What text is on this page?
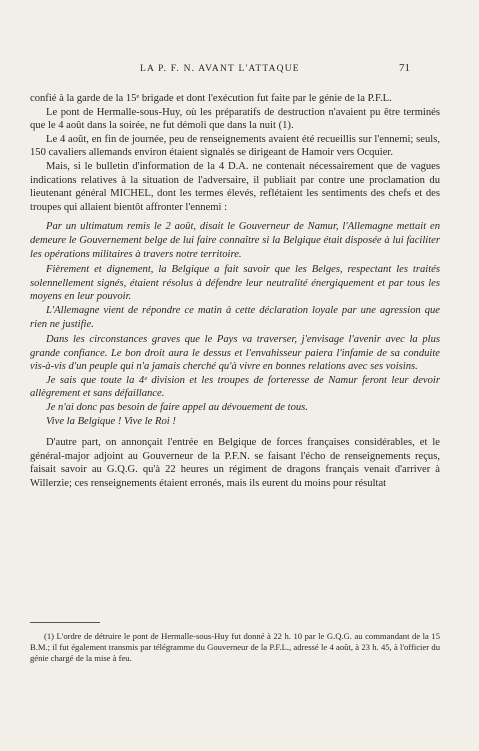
LA P. F. N. AVANT L'ATTAQUE	71

confié à la garde de la 15ᵉ brigade et dont l'exécution fut faite par le génie de la P.F.L.

Le pont de Hermalle-sous-Huy, où les préparatifs de destruction n'avaient pu être terminés que le 4 août dans la soirée, ne fut démoli que dans la nuit (1).

Le 4 août, en fin de journée, peu de renseignements avaient été recueillis sur l'ennemi; seuls, 150 cavaliers allemands environ étaient signalés se dirigeant de Hamoir vers Ocquier.

Mais, si le bulletin d'information de la 4 D.A. ne contenait nécessairement que de vagues indications relatives à la situation de l'adversaire, il publiait par contre une proclamation du lieutenant général MICHEL, dont les termes élevés, reflétaient les sentiments des chefs et des troupes qui allaient bientôt affronter l'ennemi :

Par un ultimatum remis le 2 août, disait le Gouverneur de Namur, l'Allemagne mettait en demeure le Gouvernement belge de lui faire connaître si la Belgique était disposée à lui faciliter les opérations militaires à travers notre territoire.

Fièrement et dignement, la Belgique a fait savoir que les Belges, respectant les traités solennellement signés, étaient résolus à défendre leur neutralité énergiquement et par tous les moyens en leur pouvoir.

L'Allemagne vient de répondre ce matin à cette déclaration loyale par une agression que rien ne justifie.

Dans les circonstances graves que le Pays va traverser, j'envisage l'avenir avec la plus grande confiance. Le bon droit aura le dessus et l'envahisseur paiera l'infamie de sa conduite vis-à-vis d'un peuple qui n'a jamais cherché qu'à vivre en bonnes relations avec ses voisins.

Je sais que toute la 4ᵉ division et les troupes de forteresse de Namur feront leur devoir allègrement et sans défaillance.

Je n'ai donc pas besoin de faire appel au dévouement de tous.

Vive la Belgique ! Vive le Roi !

D'autre part, on annonçait l'entrée en Belgique de forces françaises considérables, et le général-major adjoint au Gouverneur de la P.F.N. se faisant l'écho de renseignements reçus, faisait savoir au G.Q.G. qu'à 22 heures un régiment de dragons français venait d'arriver à Willerzie; ces renseignements étaient erronés, mais ils eurent du moins pour résultat

(1) L'ordre de détruire le pont de Hermalle-sous-Huy fut donné à 22 h. 10 par le G.Q.G. au commandant de la 15 B.M.; il fut également transmis par télégramme du Gouverneur de la P.F.L., adressé le 4 août, à 23 h. 45, à l'officier du génie chargé de la mise à feu.
